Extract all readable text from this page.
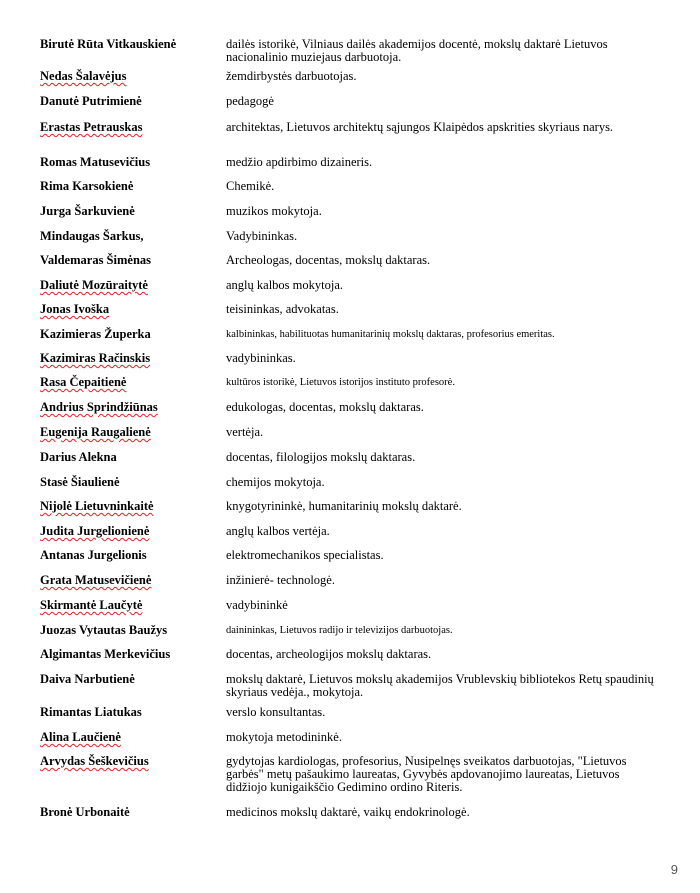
Birutė Rūta Vitkauskienė	dailės istorikė, Vilniaus dailės akademijos docentė, mokslų daktarė Lietuvos nacionalinio muziejaus darbuotoja.
Nedas Šalavėjus	žemdirbystės darbuotojas.
Danutė Putrimienė	pedagogė
Erastas Petrauskas	architektas, Lietuvos architektų sąjungos Klaipėdos apskrities skyriaus narys.
Romas Matusevičius	medžio apdirbimo dizaineris.
Rima Karsokienė	Chemikė.
Jurga Šarkuvienė	muzikos mokytoja.
Mindaugas Šarkus,	Vadybininkas.
Valdemaras Šimėnas	Archeologas, docentas, mokslų daktaras.
Daliutė Mozūraitytė	anglų kalbos mokytoja.
Jonas Ivoška	teisininkas, advokatas.
Kazimieras Župerka	kalbininkas, habilituotas humanitarinių mokslų daktaras, profesorius emeritas.
Kazimiras Račinskis	vadybininkas.
Rasa Čepaitienė	kultūros istorikė, Lietuvos istorijos instituto profesorė.
Andrius Sprindžiūnas	edukologas, docentas, mokslų daktaras.
Eugenija Raugalienė	vertėja.
Darius Alekna	docentas, filologijos mokslų daktaras.
Stasė Šiaulienė	chemijos mokytoja.
Nijolė Lietuvninkaitė	knygotyrininkė, humanitarinių mokslų daktarė.
Judita Jurgelionienė	anglų kalbos vertėja.
Antanas Jurgelionis	elektromechanikos specialistas.
Grata Matusevičienė	inžinierė- technologė.
Skirmantė Laučytė	vadybininkė
Juozas Vytautas Baužys	dainininkas, Lietuvos radijo ir televizijos darbuotojas.
Algimantas Merkevičius	docentas, archeologijos mokslų daktaras.
Daiva Narbutienė	mokslų daktarė, Lietuvos mokslų akademijos Vrublevskių bibliotekos Retų spaudinių skyriaus vedėja., mokytoja.
Rimantas Liatukas	verslo konsultantas.
Alina Laučienė	mokytoja metodininkė.
Arvydas Šeškevičius	gydytojas kardiologas, profesorius, Nusipelnęs sveikatos darbuotojas, "Lietuvos garbės" metų pašaukimo laureatas, Gyvybės apdovanojimo laureatas, Lietuvos didžiojo kunigaikščio Gedimino ordino Riteris.
Bronė Urbonaitė	medicinos mokslų daktarė, vaikų endokrinologė.
9
